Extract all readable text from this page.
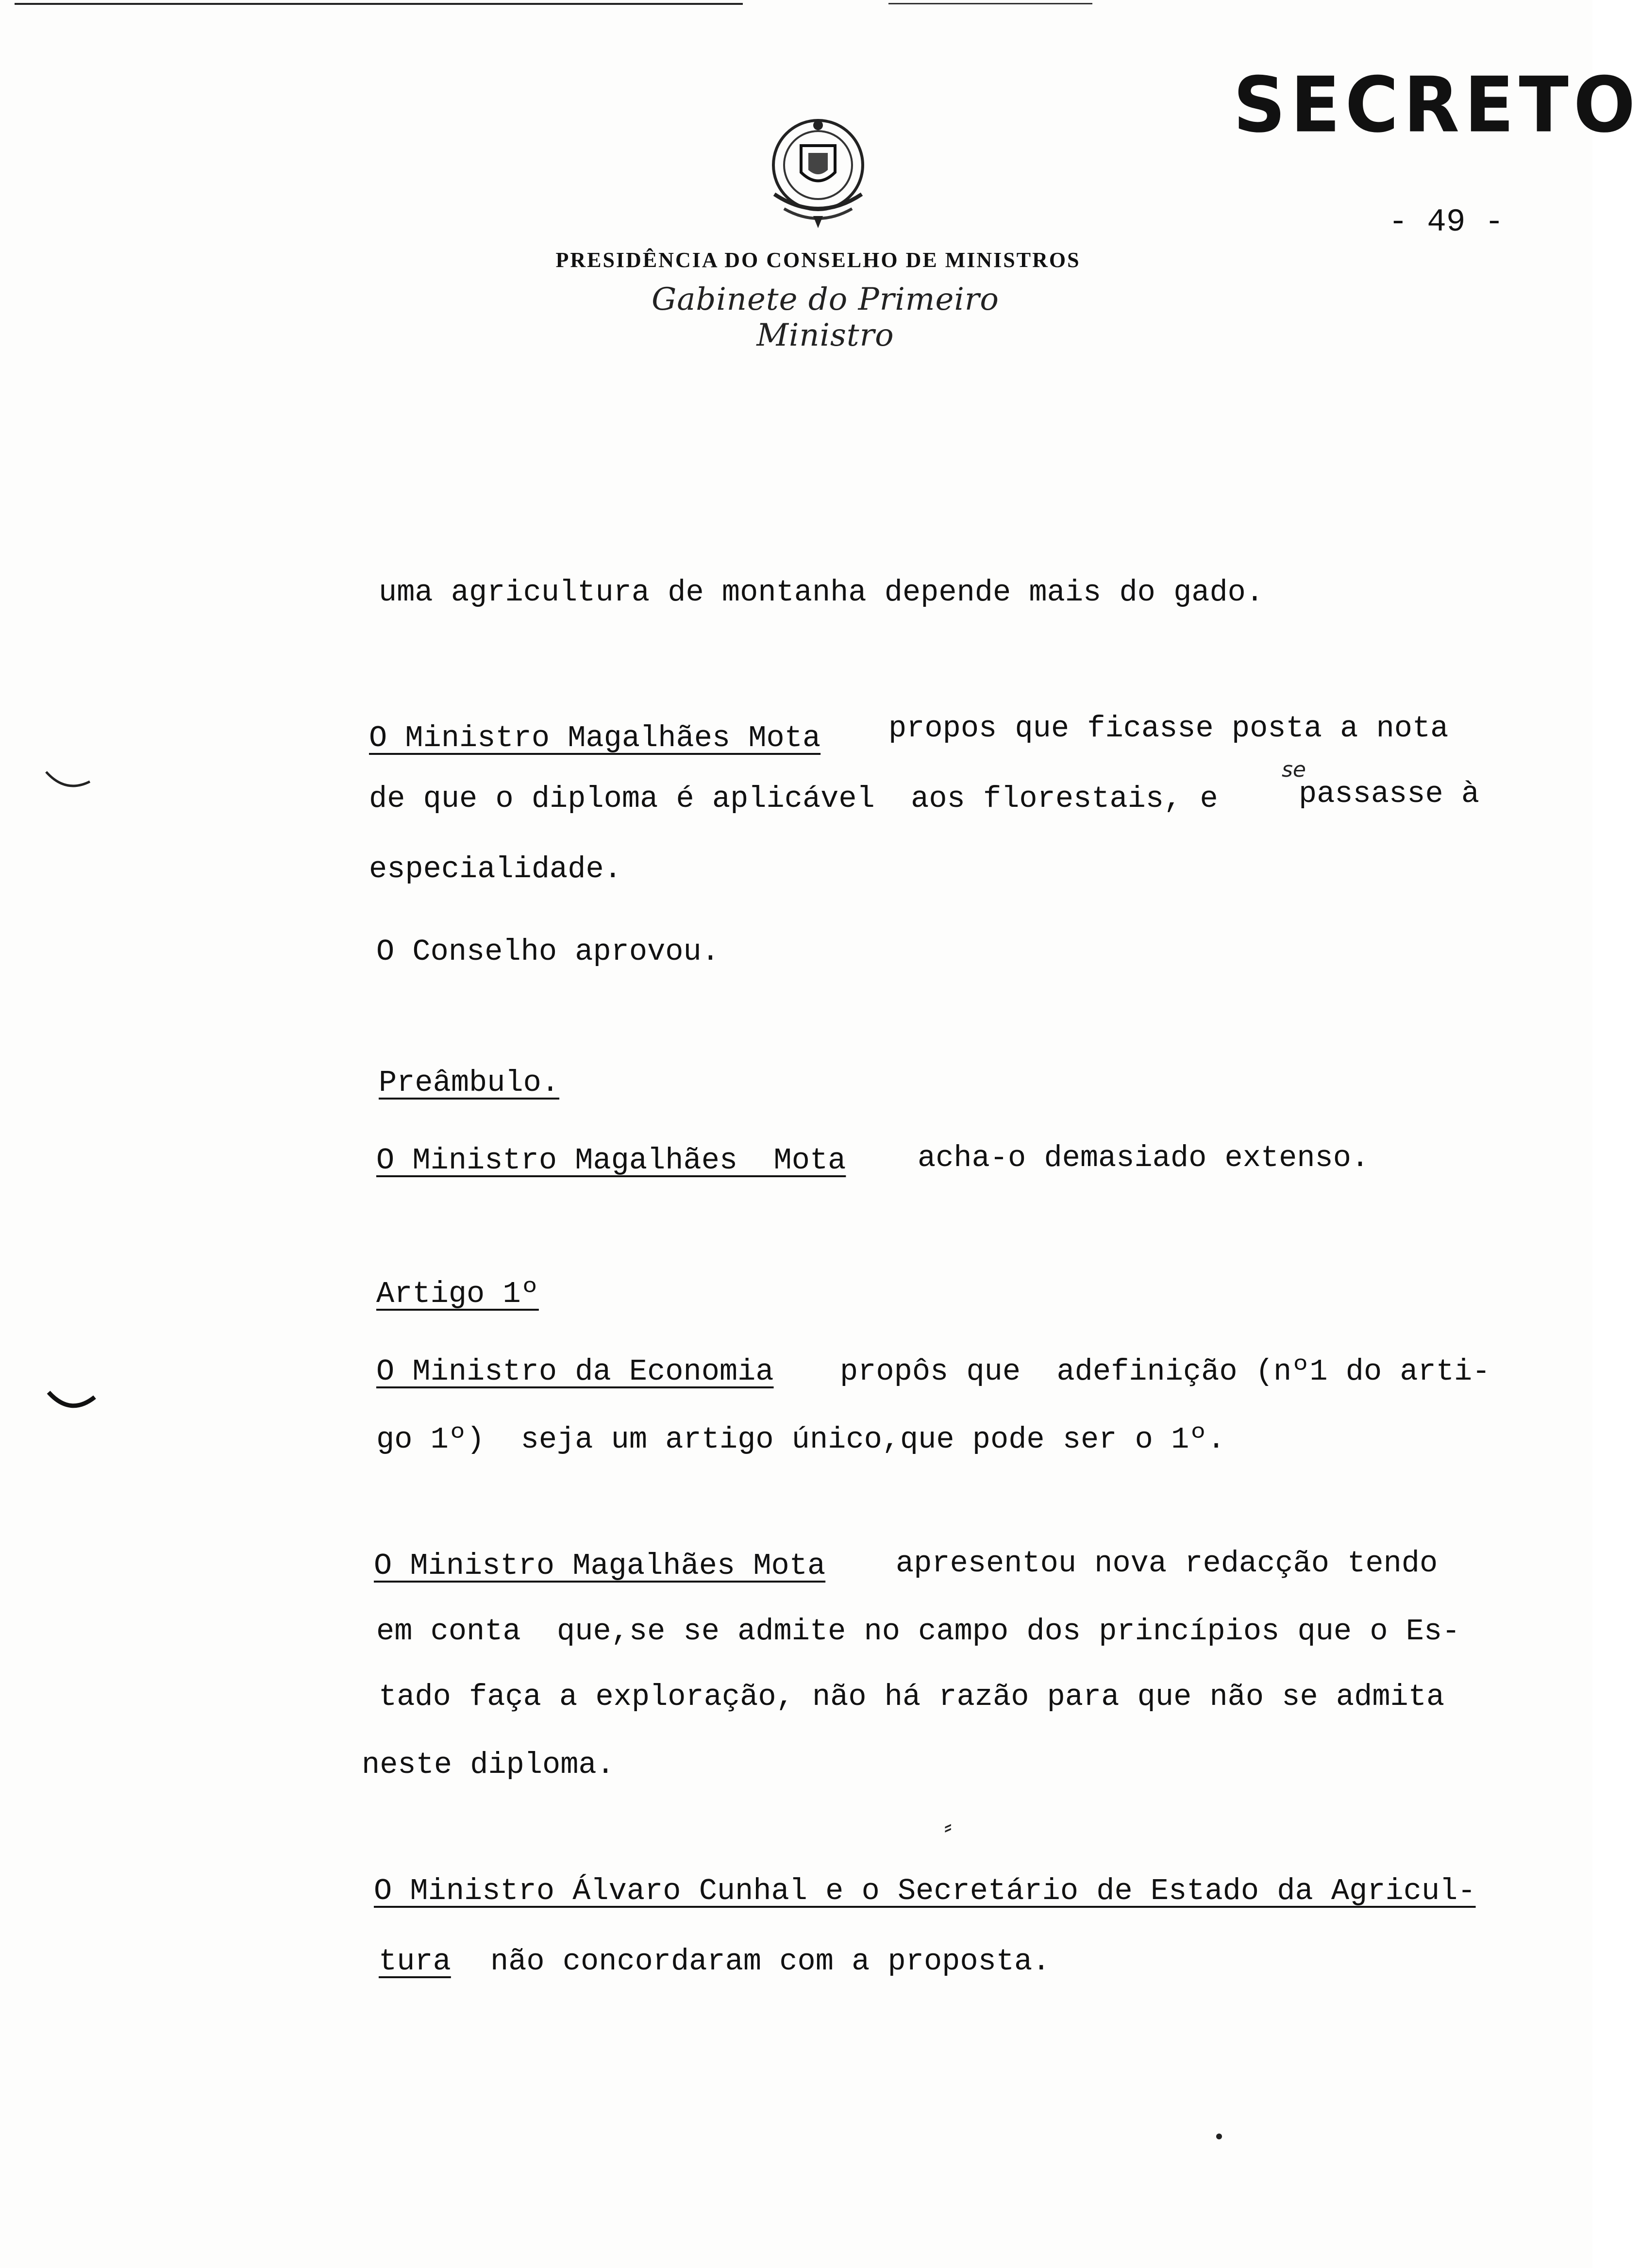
SECRETO
- 49 -
PRESIDÊNCIA DO CONSELHO DE MINISTROS
Gabinete do Primeiro Ministro
uma agricultura de montanha depende mais do gado.
O Ministro Magalhães Mota propos que ficasse posta a nota
de que o diploma é aplicável  aos florestais, e
se
passasse à
especialidade.
O Conselho aprovou.
Preâmbulo.
O Ministro Magalhães  Mota acha-o demasiado extenso.
Artigo 1º
O Ministro da Economia propôs que  adefinição (nº1 do arti-
go 1º)  seja um artigo único,que pode ser o 1º.
O Ministro Magalhães Mota apresentou nova redacção tendo
em conta  que,se se admite no campo dos princípios que o Es-
tado faça a exploração, não há razão para que não se admita
neste diploma.
⸗
O Ministro Álvaro Cunhal e o Secretário de Estado da Agricul-
tura não concordaram com a proposta.
